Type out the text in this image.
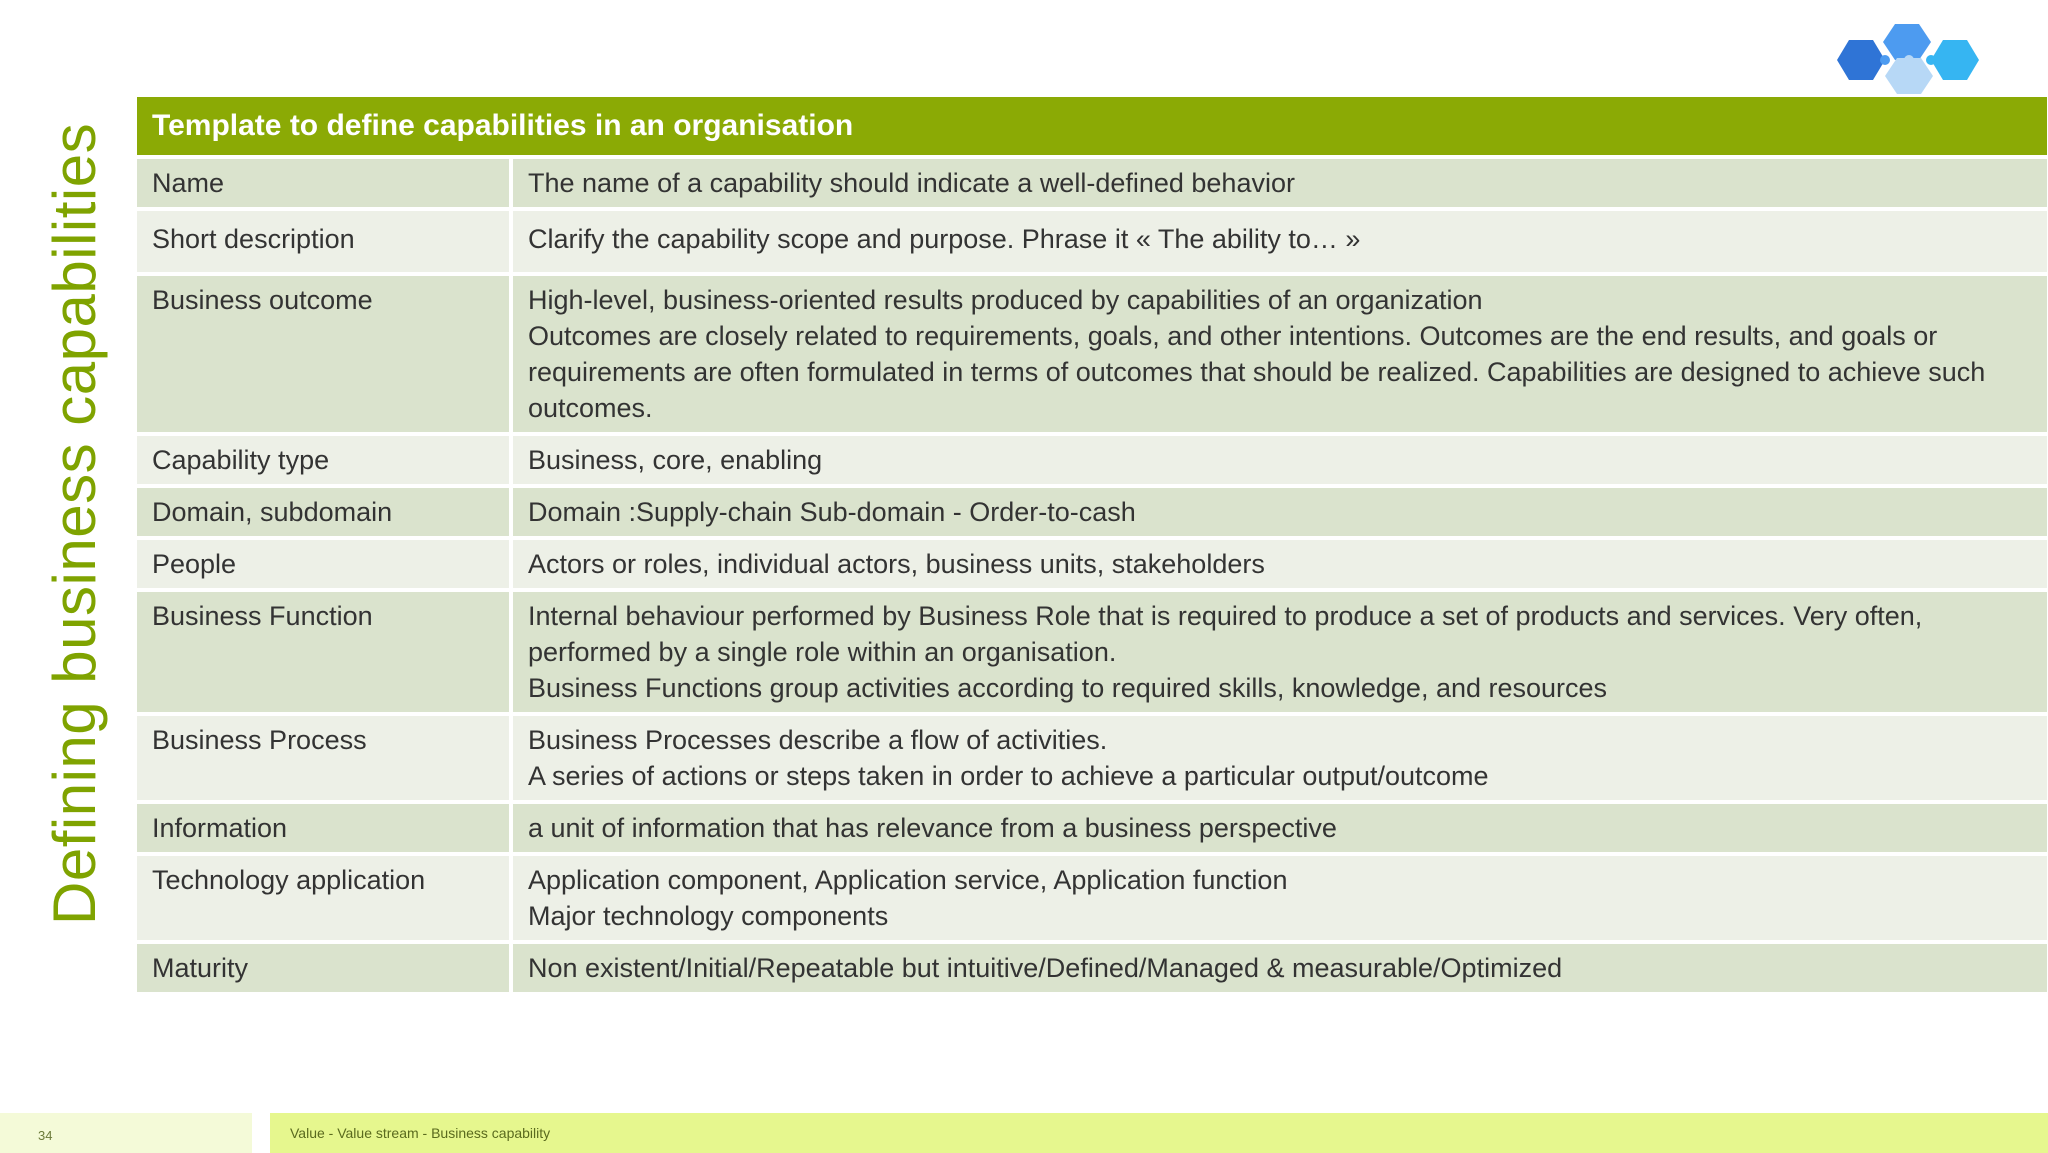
Defining business capabilities	Template to define capabilities in an organisation
Name	The name of a capability should indicate a well-defined behavior
Short description	Clarify the capability scope and purpose. Phrase it « The ability to… »
Business outcome	High-level, business-oriented results produced by capabilities of an organization
Outcomes are closely related to requirements, goals, and other intentions. Outcomes are the end results, and goals or requirements are often formulated in terms of outcomes that should be realized. Capabilities are designed to achieve such outcomes.
Capability type	Business, core, enabling
Domain, subdomain	Domain :Supply-chain Sub-domain - Order-to-cash
People	Actors or roles, individual actors, business units, stakeholders
Business Function	Internal behaviour performed by Business Role that is required to produce a set of products and services. Very often, performed by a single role within an organisation.
Business Functions group activities according to required skills, knowledge, and resources
Business Process	Business Processes describe a flow of activities.
A series of actions or steps taken in order to achieve a particular output/outcome
Information	a unit of information that has relevance from a business perspective
Technology application	Application component, Application service, Application function
Major technology components
Maturity	Non existent/Initial/Repeatable but intuitive/Defined/Managed & measurable/Optimized
34	Value - Value stream - Business capability
